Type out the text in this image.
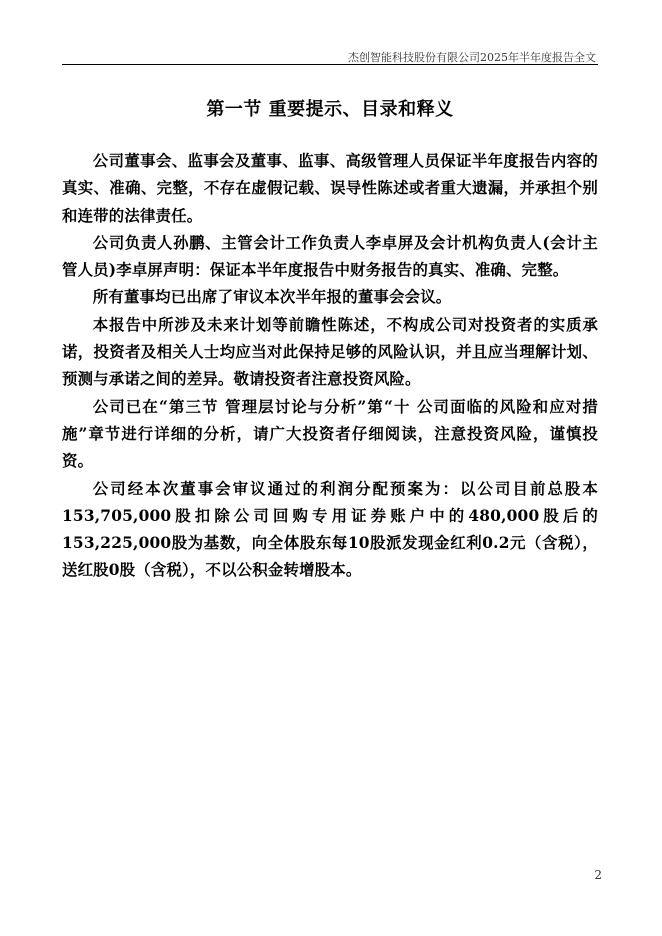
杰创智能科技股份有限公司2025年半年度报告全文
第一节 重要提示、目录和释义

公司董事会、监事会及董事、监事、高级管理人员保证半年度报告内容的真实、准确、完整，不存在虚假记载、误导性陈述或者重大遗漏，并承担个别和连带的法律责任。

公司负责人孙鹏、主管会计工作负责人李卓屏及会计机构负责人(会计主管人员)李卓屏声明：保证本半年度报告中财务报告的真实、准确、完整。

所有董事均已出席了审议本次半年报的董事会会议。

本报告中所涉及未来计划等前瞻性陈述，不构成公司对投资者的实质承诺，投资者及相关人士均应当对此保持足够的风险认识，并且应当理解计划、预测与承诺之间的差异。敬请投资者注意投资风险。

公司已在“第三节 管理层讨论与分析”第“十 公司面临的风险和应对措施”章节进行详细的分析，请广大投资者仔细阅读，注意投资风险，谨慎投资。

公司经本次董事会审议通过的利润分配预案为：以公司目前总股本153,705,000股扣除公司回购专用证券账户中的480,000股后的153,225,000股为基数，向全体股东每10股派发现金红利0.2元（含税），送红股0股（含税），不以公积金转增股本。

2
